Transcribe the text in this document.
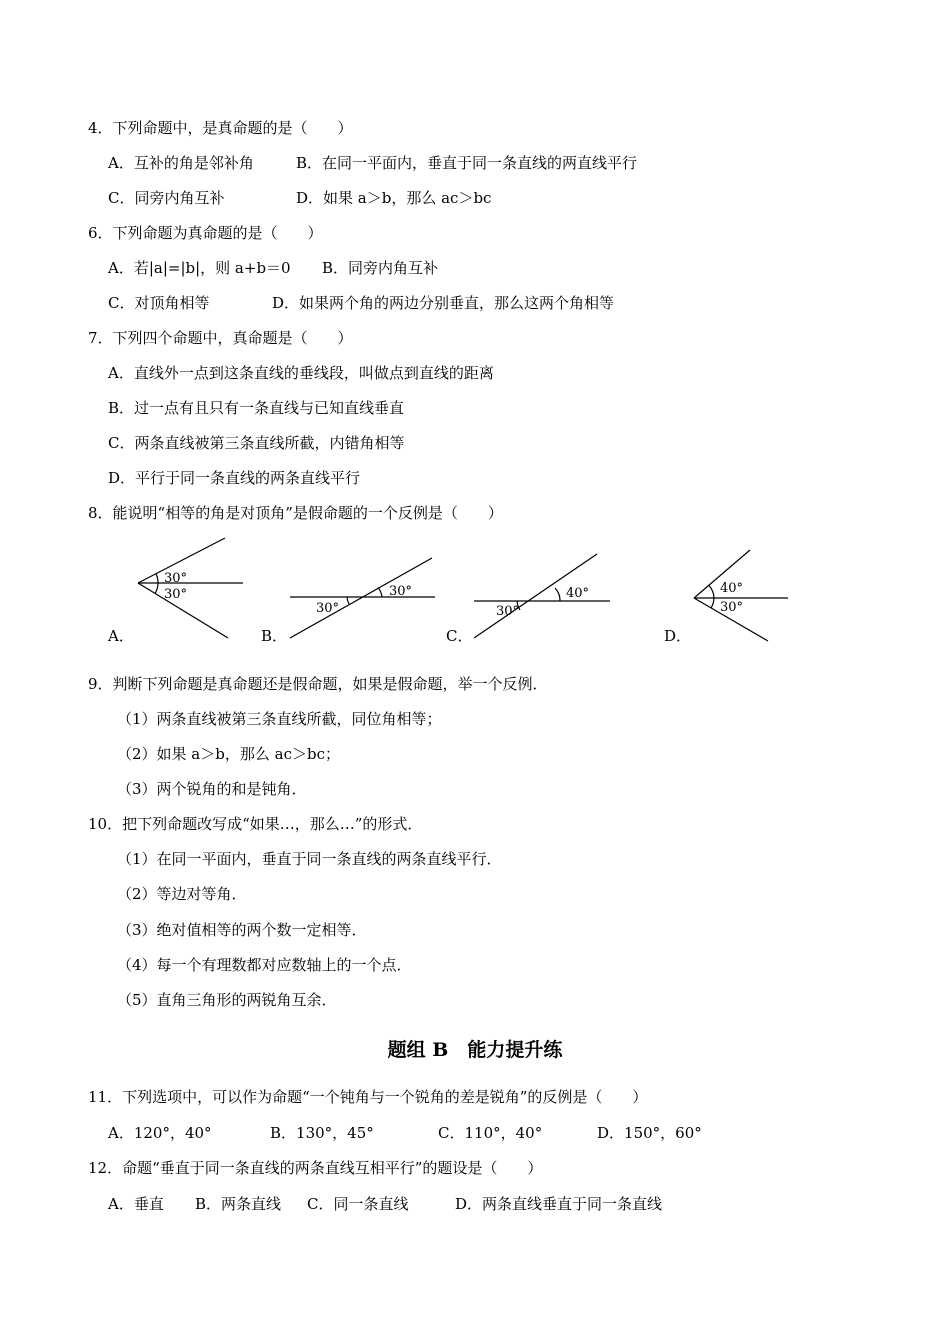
4．下列命题中，是真命题的是（　　）
A．互补的角是邻补角	B．在同一平面内，垂直于同一条直线的两直线平行
C．同旁内角互补	D．如果 a＞b，那么 ac＞bc
6．下列命题为真命题的是（　　）
A．若|a|=|b|，则 a+b＝0 B．同旁内角互补
C．对顶角相等	D．如果两个角的两边分别垂直，那么这两个角相等
7．下列四个命题中，真命题是（　　）
A．直线外一点到这条直线的垂线段，叫做点到直线的距离
B．过一点有且只有一条直线与已知直线垂直
C．两条直线被第三条直线所截，内错角相等
D．平行于同一条直线的两条直线平行
8．能说明“相等的角是对顶角”是假命题的一个反例是（　　）
30°
30°	30°
30°	30°
40°	40°
30°
A．	B．	C．	D．
9．判断下列命题是真命题还是假命题，如果是假命题，举一个反例．
（1）两条直线被第三条直线所截，同位角相等；
（2）如果 a＞b，那么 ac＞bc；
（3）两个锐角的和是钝角．
10．把下列命题改写成“如果…，那么…”的形式．
（1）在同一平面内，垂直于同一条直线的两条直线平行．
（2）等边对等角．
（3）绝对值相等的两个数一定相等．
（4）每一个有理数都对应数轴上的一个点．
（5）直角三角形的两锐角互余．
题组 B　能力提升练
11．下列选项中，可以作为命题“一个钝角与一个锐角的差是锐角”的反例是（　　）
A．120°，40°	B．130°，45°	C．110°，40°	D．150°，60°
12．命题“垂直于同一条直线的两条直线互相平行”的题设是（　　）
A．垂直 B．两条直线 C．同一条直线	D．两条直线垂直于同一条直线
